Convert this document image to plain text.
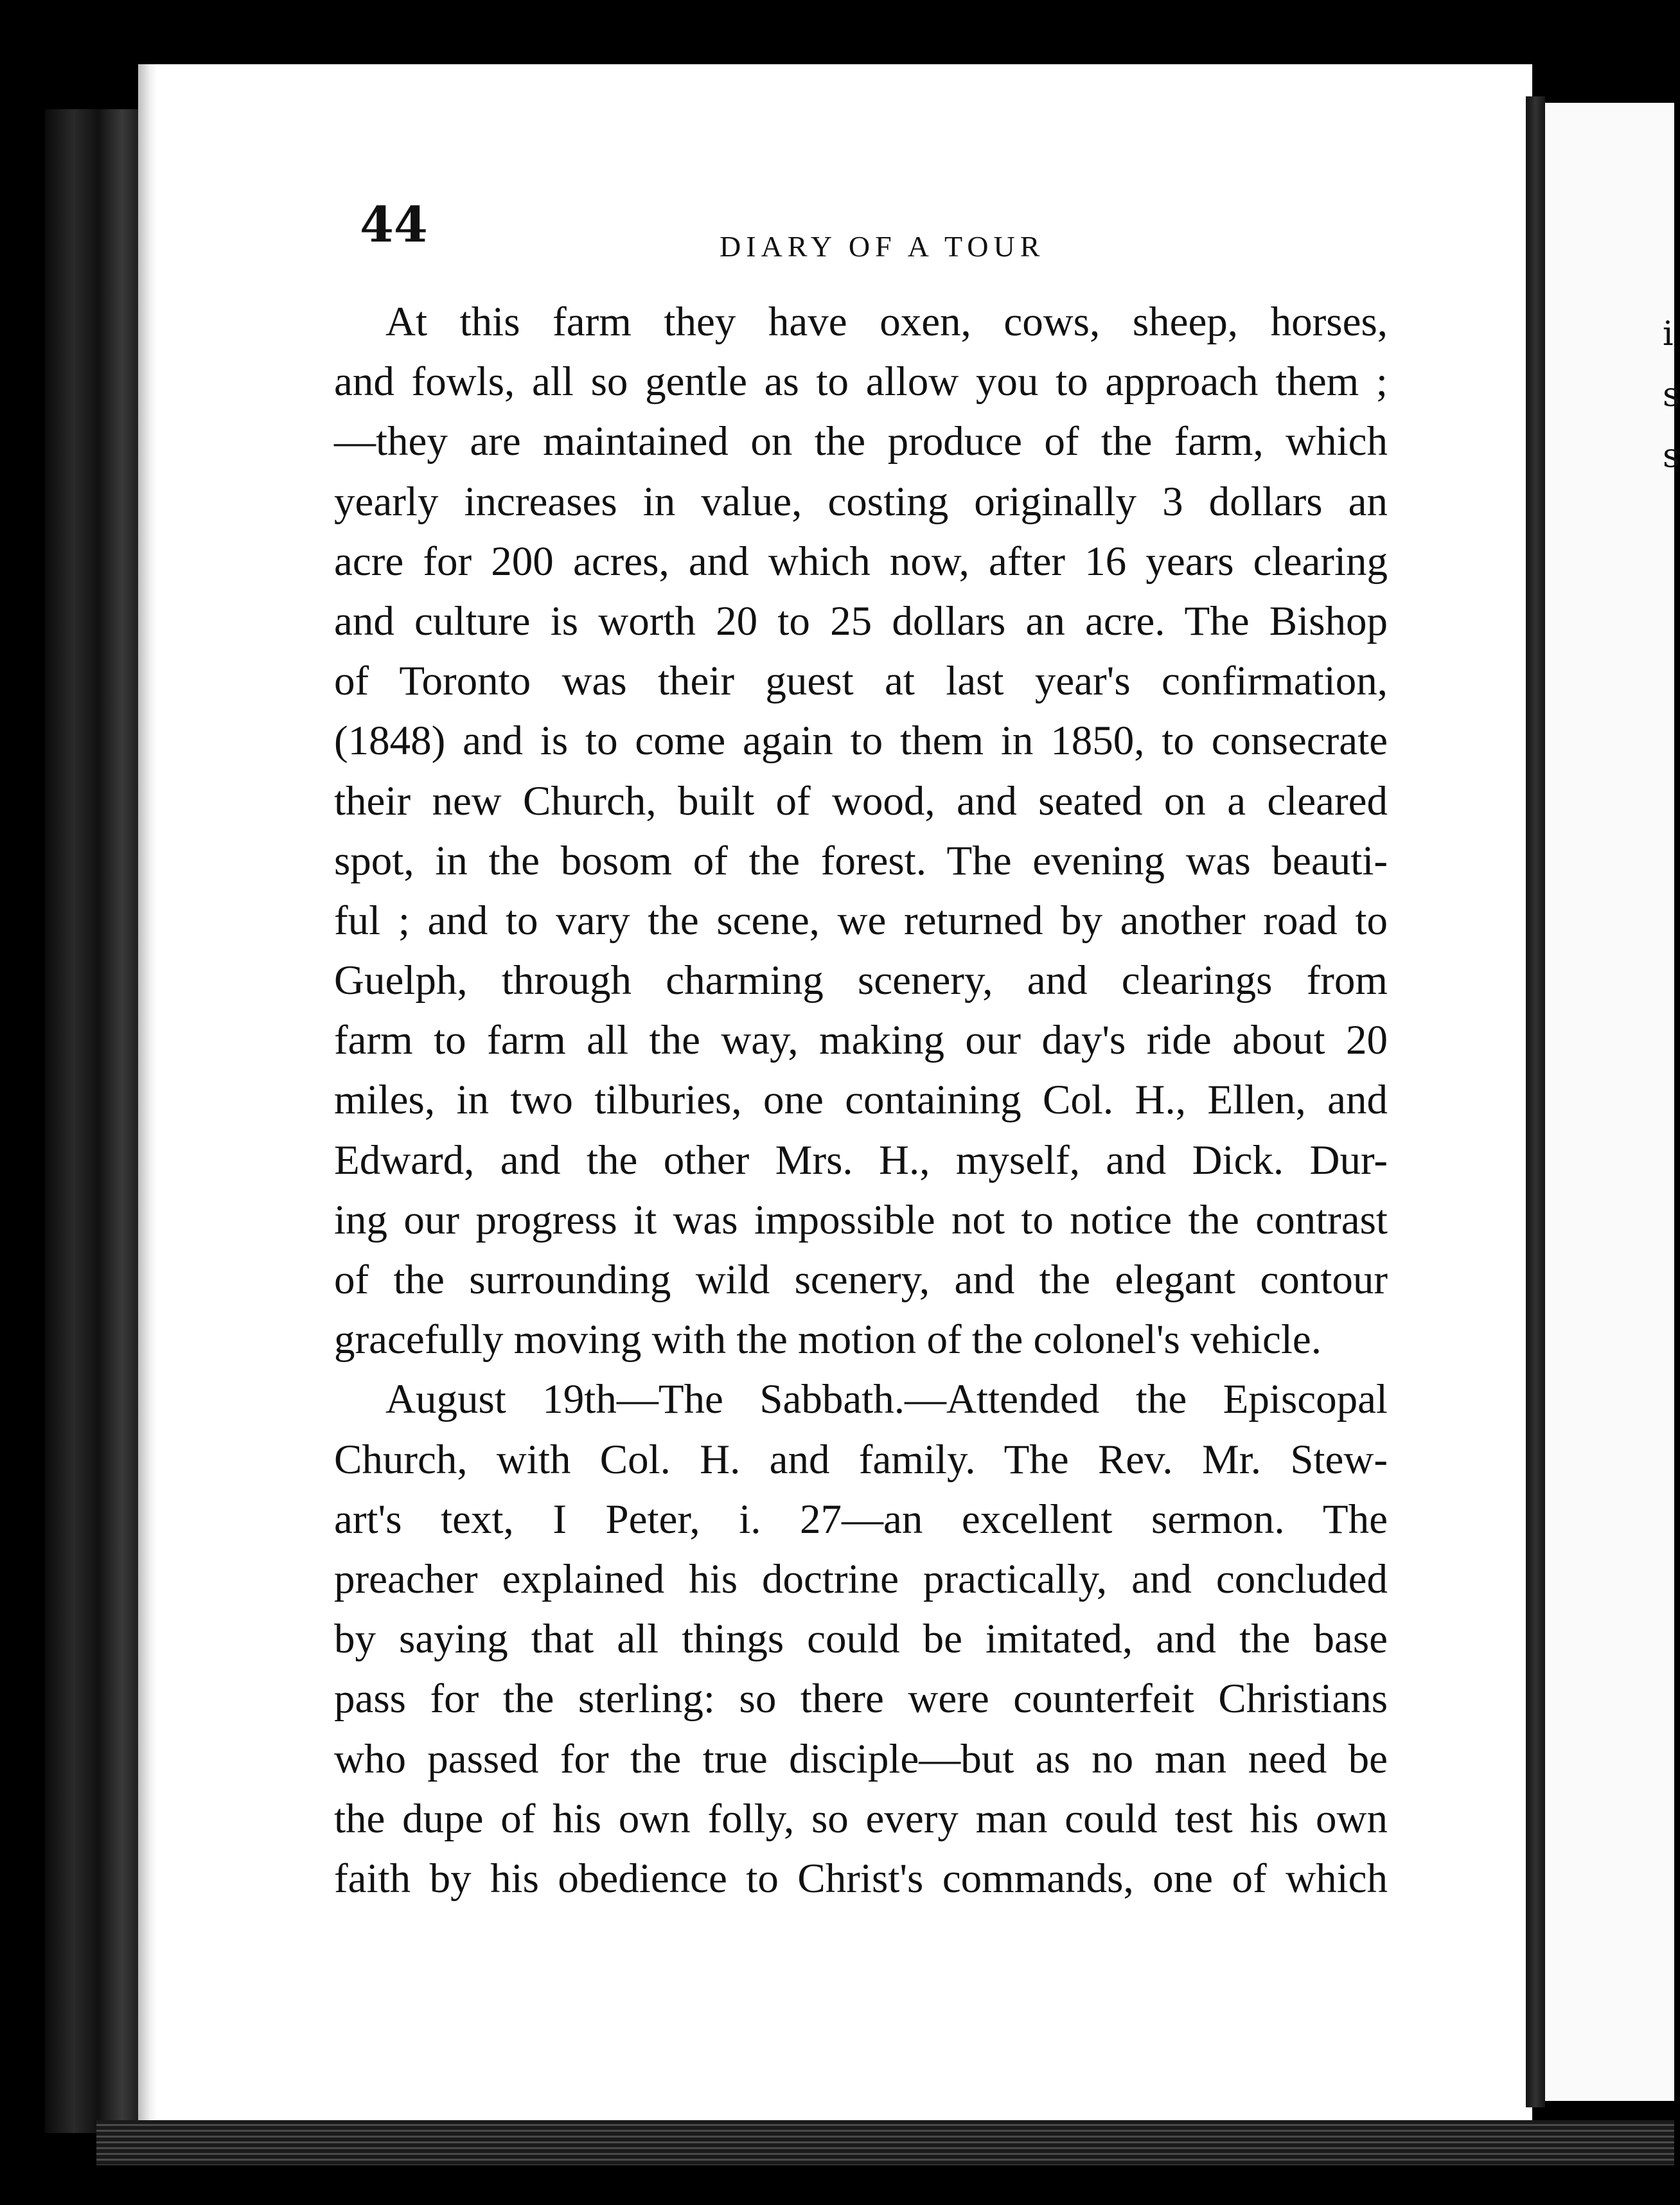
i
s
s
44	DIARY OF A TOUR
At this farm they have oxen, cows, sheep, horses,
and fowls, all so gentle as to allow you to approach them ;
—they are maintained on the produce of the farm, which
yearly increases in value, costing originally 3 dollars an
acre for 200 acres, and which now, after 16 years clearing
and culture is worth 20 to 25 dollars an acre. The Bishop
of Toronto was their guest at last year's confirmation,
(1848) and is to come again to them in 1850, to consecrate
their new Church, built of wood, and seated on a cleared
spot, in the bosom of the forest. The evening was beauti-
ful ; and to vary the scene, we returned by another road to
Guelph, through charming scenery, and clearings from
farm to farm all the way, making our day's ride about 20
miles, in two tilburies, one containing Col. H., Ellen, and
Edward, and the other Mrs. H., myself, and Dick. Dur-
ing our progress it was impossible not to notice the contrast
of the surrounding wild scenery, and the elegant contour
gracefully moving with the motion of the colonel's vehicle.
August 19th—The Sabbath.—Attended the Episcopal
Church, with Col. H. and family. The Rev. Mr. Stew-
art's text, I Peter, i. 27—an excellent sermon. The
preacher explained his doctrine practically, and concluded
by saying that all things could be imitated, and the base
pass for the sterling: so there were counterfeit Christians
who passed for the true disciple—but as no man need be
the dupe of his own folly, so every man could test his own
faith by his obedience to Christ's commands, one of which
